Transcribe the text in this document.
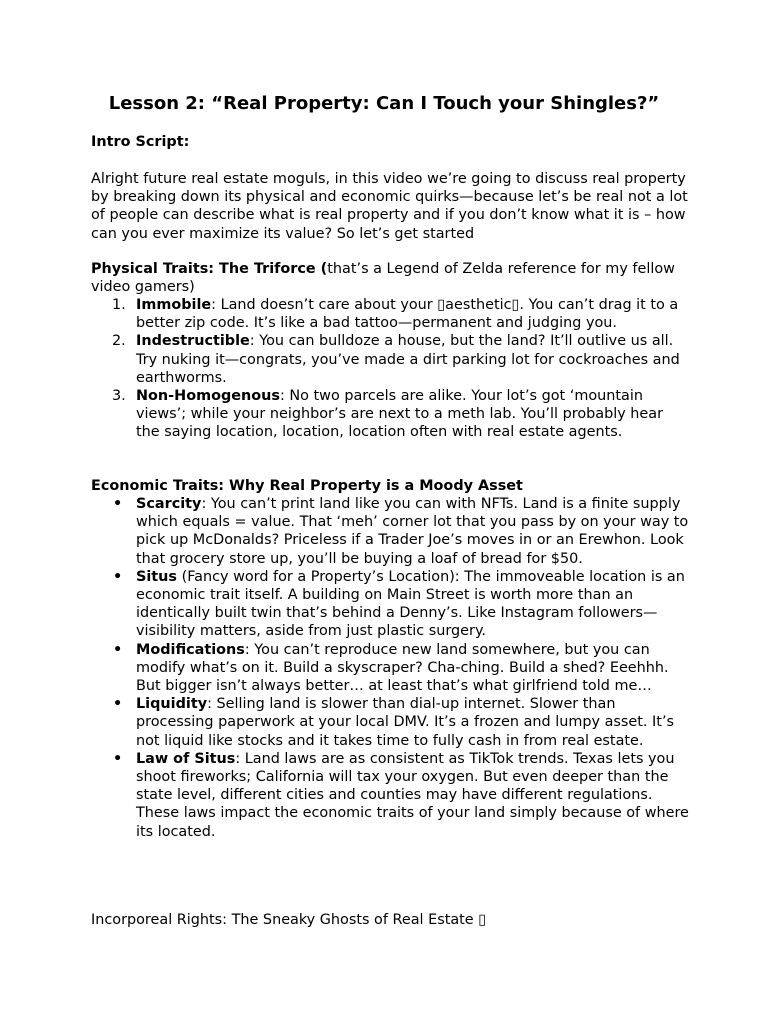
Lesson 2: “Real Property: Can I Touch your Shingles?”

Intro Script:

Alright future real estate moguls, in this video we’re going to discuss real property by breaking down its physical and economic quirks—because let’s be real not a lot of people can describe what is real property and if you don’t know what it is – how can you ever maximize its value? So let’s get started

Physical Traits: The Triforce (that’s a Legend of Zelda reference for my fellow video gamers)

1. Immobile: Land doesn’t care about your ▯aesthetic▯. You can’t drag it to a better zip code. It’s like a bad tattoo—permanent and judging you.
2. Indestructible: You can bulldoze a house, but the land? It’ll outlive us all. Try nuking it—congrats, you’ve made a dirt parking lot for cockroaches and earthworms.
3. Non-Homogenous: No two parcels are alike. Your lot’s got ‘mountain views’; while your neighbor’s are next to a meth lab. You’ll probably hear the saying location, location, location often with real estate agents.

Economic Traits: Why Real Property is a Moody Asset

• Scarcity: You can’t print land like you can with NFTs. Land is a finite supply which equals = value. That ‘meh’ corner lot that you pass by on your way to pick up McDonalds? Priceless if a Trader Joe’s moves in or an Erewhon. Look that grocery store up, you’ll be buying a loaf of bread for $50.
• Situs (Fancy word for a Property’s Location): The immoveable location is an economic trait itself. A building on Main Street is worth more than an identically built twin that’s behind a Denny’s. Like Instagram followers—visibility matters, aside from just plastic surgery.
• Modifications: You can’t reproduce new land somewhere, but you can modify what’s on it. Build a skyscraper? Cha-ching. Build a shed? Eeehhh. But bigger isn’t always better… at least that’s what girlfriend told me…
• Liquidity: Selling land is slower than dial-up internet. Slower than processing paperwork at your local DMV. It’s a frozen and lumpy asset. It’s not liquid like stocks and it takes time to fully cash in from real estate.
• Law of Situs: Land laws are as consistent as TikTok trends. Texas lets you shoot fireworks; California will tax your oxygen. But even deeper than the state level, different cities and counties may have different regulations. These laws impact the economic traits of your land simply because of where its located.

Incorporeal Rights: The Sneaky Ghosts of Real Estate ▯
